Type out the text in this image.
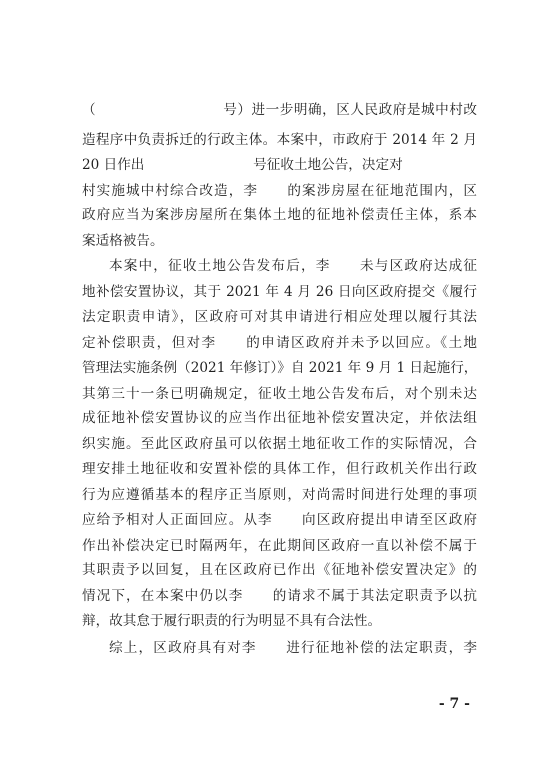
（　　　　　　　　　号）进一步明确，区人民政府是城中村改
造程序中负责拆迁的行政主体。本案中，市政府于 2014 年 2 月
20 日作出　　　　　　　　号征收土地公告，决定对
村实施城中村综合改造，李　　的案涉房屋在征地范围内，区
政府应当为案涉房屋所在集体土地的征地补偿责任主体，系本
案适格被告。
本案中，征收土地公告发布后，李　　未与区政府达成征
地补偿安置协议，其于 2021 年 4 月 26 日向区政府提交《履行
法定职责申请》，区政府可对其申请进行相应处理以履行其法
定补偿职责，但对李　　的申请区政府并未予以回应。《土地
管理法实施条例（2021 年修订）》自 2021 年 9 月 1 日起施行，
其第三十一条已明确规定，征收土地公告发布后，对个别未达
成征地补偿安置协议的应当作出征地补偿安置决定，并依法组
织实施。至此区政府虽可以依据土地征收工作的实际情况，合
理安排土地征收和安置补偿的具体工作，但行政机关作出行政
行为应遵循基本的程序正当原则，对尚需时间进行处理的事项
应给予相对人正面回应。从李　　向区政府提出申请至区政府
作出补偿决定已时隔两年，在此期间区政府一直以补偿不属于
其职责予以回复，且在区政府已作出《征地补偿安置决定》的
情况下，在本案中仍以李　　的请求不属于其法定职责予以抗
辩，故其怠于履行职责的行为明显不具有合法性。
综上，区政府具有对李　　进行征地补偿的法定职责，李
- 7 -
